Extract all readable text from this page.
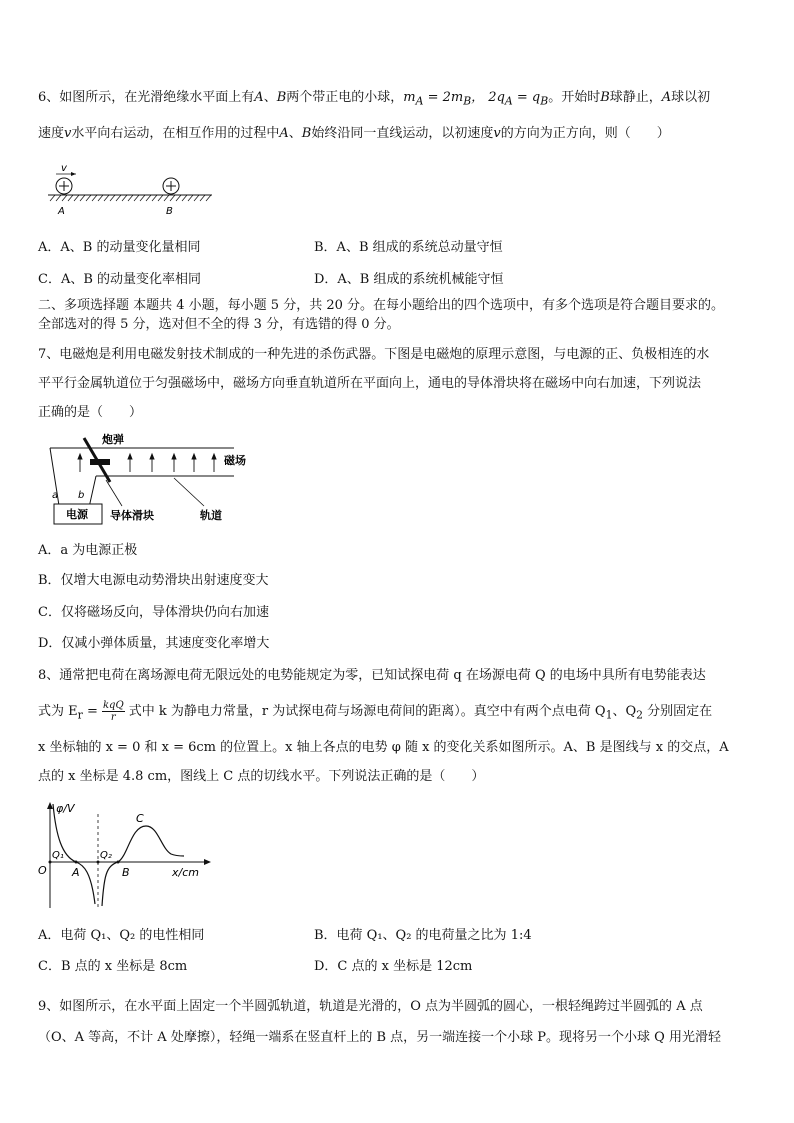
6、如图所示，在光滑绝缘水平面上有A、B两个带正电的小球，$m_A = 2m_B$， $2q_A = q_B$。开始时B球静止，A球以初
速度v水平向右运动，在相互作用的过程中A、B始终沿同一直线运动，以初速度v的方向为正方向，则（　　）
v
A	B
A．A、B 的动量变化量相同	B．A、B 组成的系统总动量守恒
C．A、B 的动量变化率相同	D．A、B 组成的系统机械能守恒
二、多项选择题 本题共 4 小题，每小题 5 分，共 20 分。在每小题给出的四个选项中，有多个选项是符合题目要求的。
全部选对的得 5 分，选对但不全的得 3 分，有选错的得 0 分。
7、电磁炮是利用电磁发射技术制成的一种先进的杀伤武器。下图是电磁炮的原理示意图，与电源的正、负极相连的水
平平行金属轨道位于匀强磁场中，磁场方向垂直轨道所在平面向上，通电的导体滑块将在磁场中向右加速，下列说法
正确的是（　　）
炮弹
磁场
a b
电源 导体滑块	轨道
A．a 为电源正极
B．仅增大电源电动势滑块出射速度变大
C．仅将磁场反向，导体滑块仍向右加速
D．仅减小弹体质量，其速度变化率增大
8、通常把电荷在离场源电荷无限远处的电势能规定为零，已知试探电荷 q 在场源电荷 Q 的电场中具所有电势能表达
式为 $E_r$ = kqQ
r 式中 k 为静电力常量，r 为试探电荷与场源电荷间的距离）。真空中有两个点电荷 $Q_1$、$Q_2$ 分别固定在
x 坐标轴的 x = 0 和 x = 6cm 的位置上。x 轴上各点的电势 φ 随 x 的变化关系如图所示。A、B 是图线与 x 的交点，A
点的 x 坐标是 4.8 cm，图线上 C 点的切线水平。下列说法正确的是（　　）
φ/V
O
Q₁	Q₂
A	B
C
x/cm
A．电荷 Q₁、Q₂ 的电性相同	B．电荷 Q₁、Q₂ 的电荷量之比为 1:4
C．B 点的 x 坐标是 8cm	D．C 点的 x 坐标是 12cm
9、如图所示，在水平面上固定一个半圆弧轨道，轨道是光滑的，O 点为半圆弧的圆心，一根轻绳跨过半圆弧的 A 点
（O、A 等高，不计 A 处摩擦），轻绳一端系在竖直杆上的 B 点，另一端连接一个小球 P。现将另一个小球 Q 用光滑轻
